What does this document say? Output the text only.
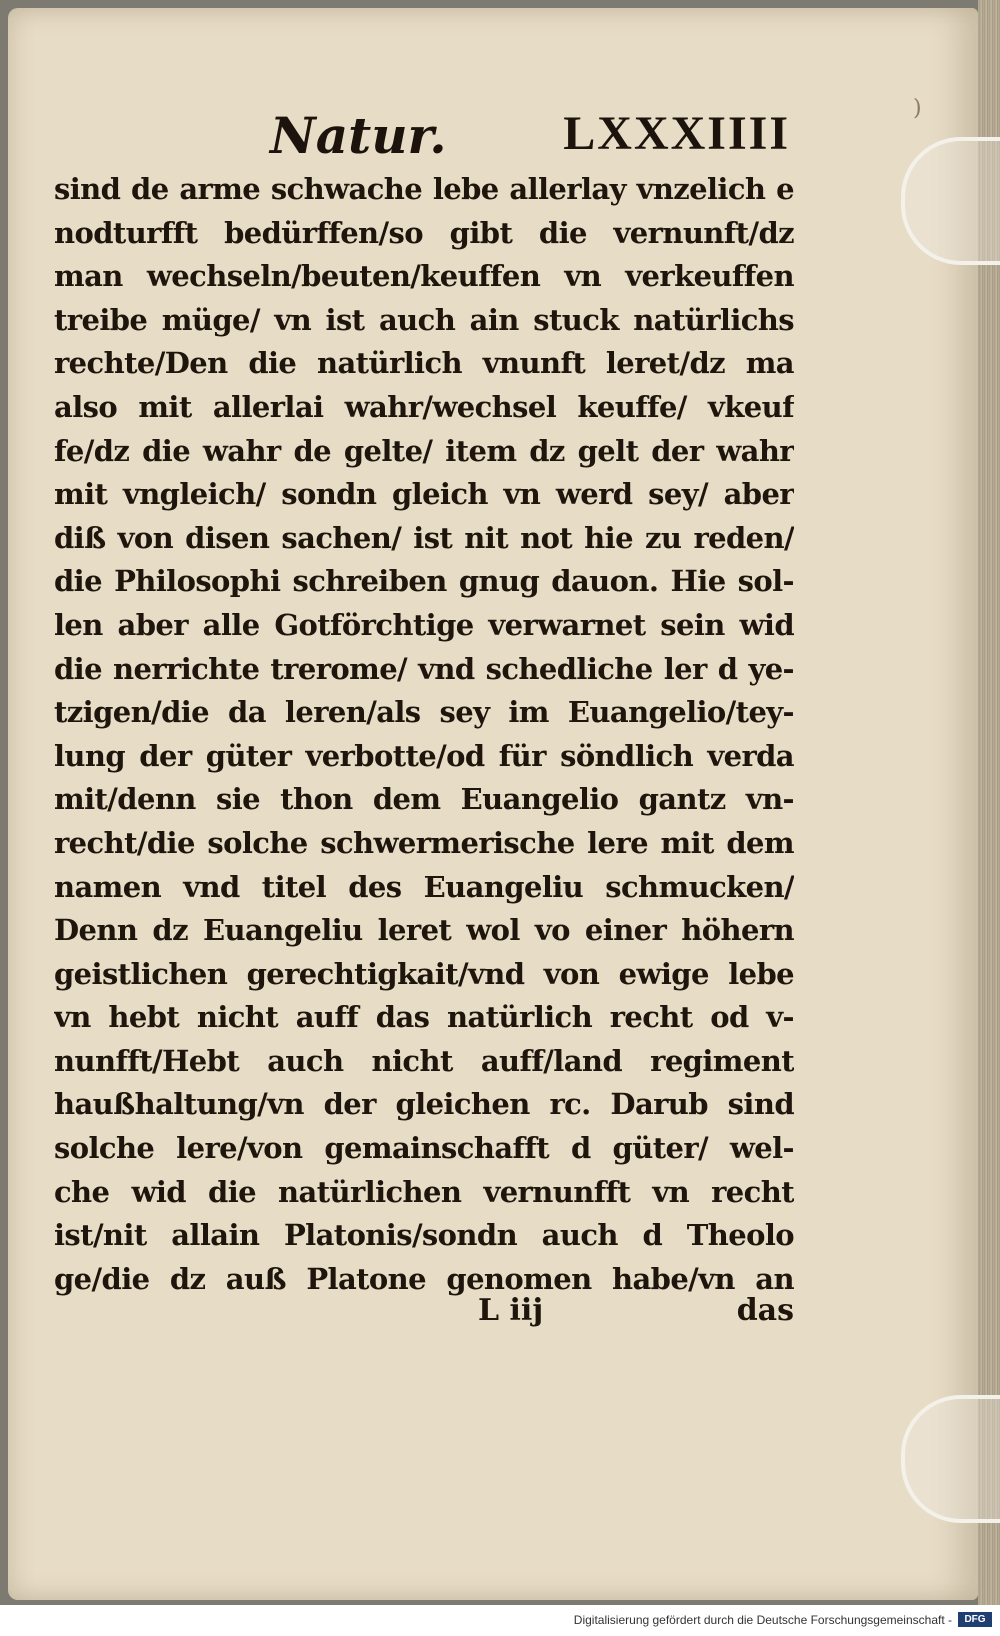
)
Natur. LXXXIIII
sind de arme schwache lebe allerlay vnzelich e
nodturfft bedürffen/so gibt die vernunft/dz
man wechseln/beuten/keuffen vn verkeuffen
treibe müge/ vn ist auch ain stuck natürlichs
rechte/Den die natürlich vnunft leret/dz ma
also mit allerlai wahr/wechsel keuffe/ vkeuf
fe/dz die wahr de gelte/ item dz gelt der wahr
mit vngleich/ sondn gleich vn werd sey/ aber
diß von disen sachen/ ist nit not hie zu reden/
die Philosophi schreiben gnug dauon. Hie sol-
len aber alle Gotförchtige verwarnet sein wid
die nerrichte trerome/ vnd schedliche ler d ye-
tzigen/die da leren/als sey im Euangelio/tey-
lung der güter verbotte/od für söndlich verda
mit/denn sie thon dem Euangelio gantz vn-
recht/die solche schwermerische lere mit dem
namen vnd titel des Euangeliu schmucken/
Denn dz Euangeliu leret wol vo einer höhern
geistlichen gerechtigkait/vnd von ewige lebe
vn hebt nicht auff das natürlich recht od v-
nunfft/Hebt auch nicht auff/land regiment
haußhaltung/vn der gleichen rc. Darub sind
solche lere/von gemainschafft d güter/ wel-
che wid die natürlichen vernunfft vn recht
ist/nit allain Platonis/sondn auch d Theolo
ge/die dz auß Platone genomen habe/vn an
L iij	das
Digitalisierung gefördert durch die Deutsche Forschungsgemeinschaft -	DFG
